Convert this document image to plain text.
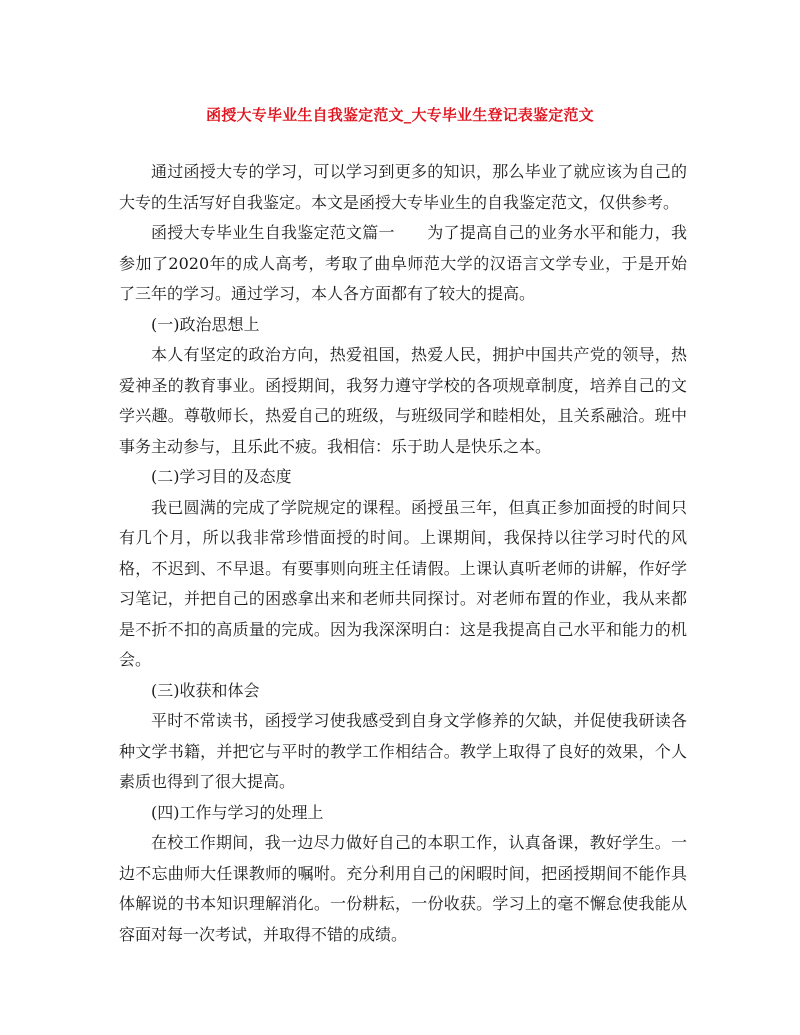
函授大专毕业生自我鉴定范文_大专毕业生登记表鉴定范文

通过函授大专的学习，可以学习到更多的知识，那么毕业了就应该为自己的大专的生活写好自我鉴定。本文是函授大专毕业生的自我鉴定范文，仅供参考。

函授大专毕业生自我鉴定范文篇一　　为了提高自己的业务水平和能力，我参加了2020年的成人高考，考取了曲阜师范大学的汉语言文学专业，于是开始了三年的学习。通过学习，本人各方面都有了较大的提高。

(一)政治思想上

本人有坚定的政治方向，热爱祖国，热爱人民，拥护中国共产党的领导，热爱神圣的教育事业。函授期间，我努力遵守学校的各项规章制度，培养自己的文学兴趣。尊敬师长，热爱自己的班级，与班级同学和睦相处，且关系融洽。班中事务主动参与，且乐此不疲。我相信：乐于助人是快乐之本。

(二)学习目的及态度

我已圆满的完成了学院规定的课程。函授虽三年，但真正参加面授的时间只有几个月，所以我非常珍惜面授的时间。上课期间，我保持以往学习时代的风格，不迟到、不早退。有要事则向班主任请假。上课认真听老师的讲解，作好学习笔记，并把自己的困惑拿出来和老师共同探讨。对老师布置的作业，我从来都是不折不扣的高质量的完成。因为我深深明白：这是我提高自己水平和能力的机会。

(三)收获和体会

平时不常读书，函授学习使我感受到自身文学修养的欠缺，并促使我研读各种文学书籍，并把它与平时的教学工作相结合。教学上取得了良好的效果，个人素质也得到了很大提高。

(四)工作与学习的处理上

在校工作期间，我一边尽力做好自己的本职工作，认真备课，教好学生。一边不忘曲师大任课教师的嘱咐。充分利用自己的闲暇时间，把函授期间不能作具体解说的书本知识理解消化。一份耕耘，一份收获。学习上的毫不懈怠使我能从容面对每一次考试，并取得不错的成绩。
